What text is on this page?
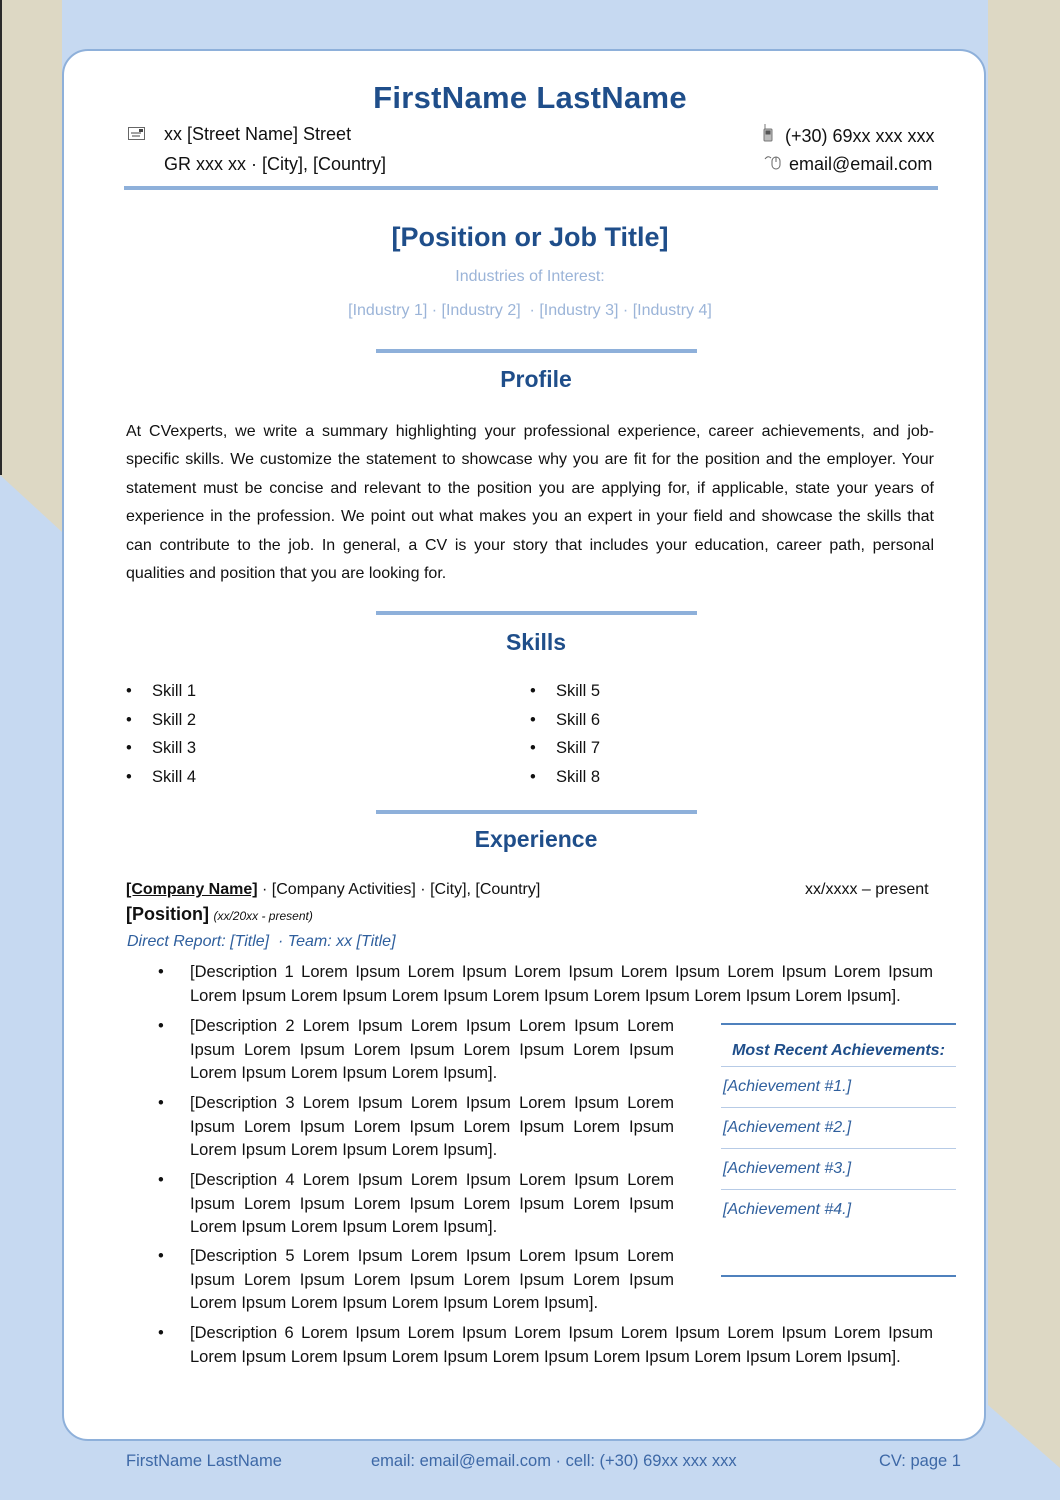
FirstName LastName
xx [Street Name] Street
GR xxx xx · [City], [Country]
(+30) 69xx xxx xxx
email@email.com
[Position or Job Title]
Industries of Interest:
[Industry 1] · [Industry 2]  · [Industry 3] · [Industry 4]
Profile
At CVexperts, we write a summary highlighting your professional experience, career achievements, and job-specific skills. We customize the statement to showcase why you are fit for the position and the employer. Your statement must be concise and relevant to the position you are applying for, if applicable, state your years of experience in the profession. We point out what makes you an expert in your field and showcase the skills that can contribute to the job. In general, a CV is your story that includes your education, career path, personal qualities and position that you are looking for.
Skills
• Skill 1
• Skill 2
• Skill 3
• Skill 4
• Skill 5
• Skill 6
• Skill 7
• Skill 8
Experience
[Company Name] · [Company Activities] · [City], [Country]	xx/xxxx – present
[Position] (xx/20xx - present)
Direct Report: [Title]  · Team: xx [Title]
• [Description 1 Lorem Ipsum Lorem Ipsum Lorem Ipsum Lorem Ipsum Lorem Ipsum Lorem Ipsum Lorem Ipsum Lorem Ipsum Lorem Ipsum Lorem Ipsum Lorem Ipsum Lorem Ipsum Lorem Ipsum].
• [Description 2 Lorem Ipsum Lorem Ipsum Lorem Ipsum Lorem Ipsum Lorem Ipsum Lorem Ipsum Lorem Ipsum Lorem Ipsum Lorem Ipsum Lorem Ipsum Lorem Ipsum].
• [Description 3 Lorem Ipsum Lorem Ipsum Lorem Ipsum Lorem Ipsum Lorem Ipsum Lorem Ipsum Lorem Ipsum Lorem Ipsum Lorem Ipsum Lorem Ipsum Lorem Ipsum].
• [Description 4 Lorem Ipsum Lorem Ipsum Lorem Ipsum Lorem Ipsum Lorem Ipsum Lorem Ipsum Lorem Ipsum Lorem Ipsum Lorem Ipsum Lorem Ipsum Lorem Ipsum].
• [Description 5 Lorem Ipsum Lorem Ipsum Lorem Ipsum Lorem Ipsum Lorem Ipsum Lorem Ipsum Lorem Ipsum Lorem Ipsum Lorem Ipsum Lorem Ipsum Lorem Ipsum Lorem Ipsum].
• [Description 6 Lorem Ipsum Lorem Ipsum Lorem Ipsum Lorem Ipsum Lorem Ipsum Lorem Ipsum Lorem Ipsum Lorem Ipsum Lorem Ipsum Lorem Ipsum Lorem Ipsum Lorem Ipsum Lorem Ipsum].
Most Recent Achievements:
[Achievement #1.]
[Achievement #2.]
[Achievement #3.]
[Achievement #4.]
FirstName LastName	email: email@email.com · cell: (+30) 69xx xxx xxx	CV: page 1
